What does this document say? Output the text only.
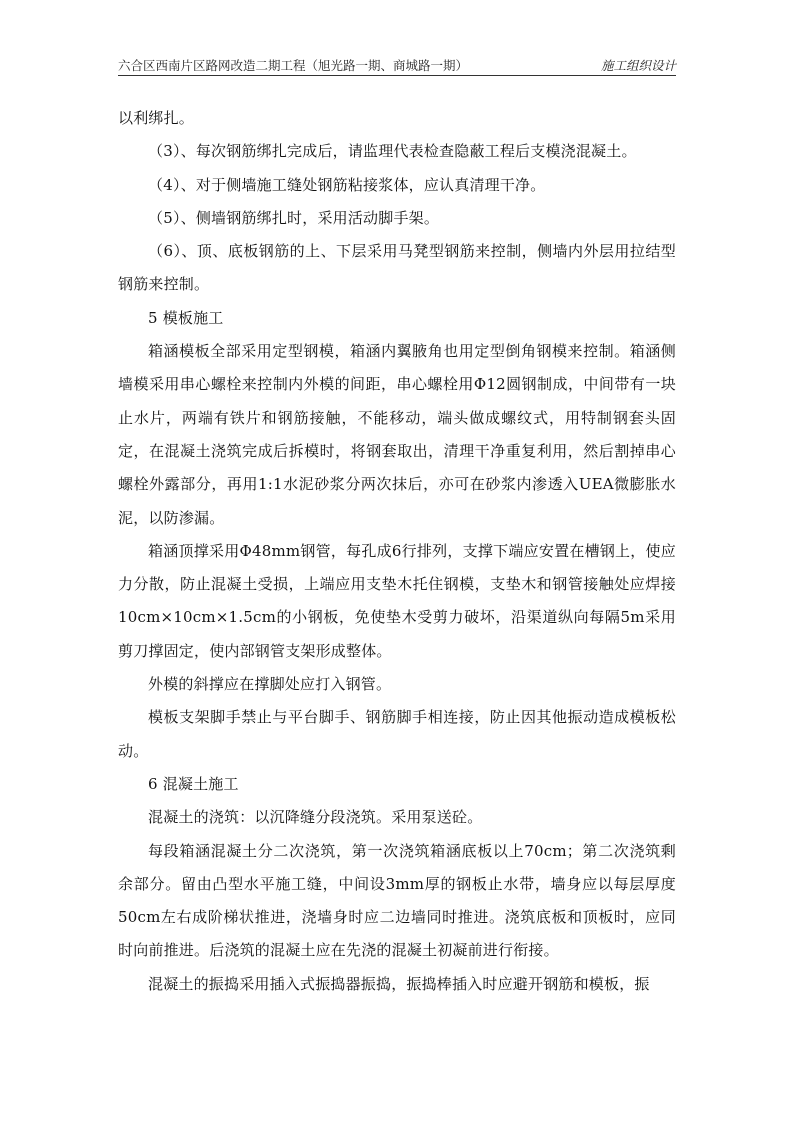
六合区西南片区路网改造二期工程（旭光路一期、商城路一期）	施工组织设计

以利绑扎。

（3）、每次钢筋绑扎完成后，请监理代表检查隐蔽工程后支模浇混凝土。

（4）、对于侧墙施工缝处钢筋粘接浆体，应认真清理干净。

（5）、侧墙钢筋绑扎时，采用活动脚手架。

（6）、顶、底板钢筋的上、下层采用马凳型钢筋来控制，侧墙内外层用拉结型钢筋来控制。

5 模板施工

箱涵模板全部采用定型钢模，箱涵内翼腋角也用定型倒角钢模来控制。箱涵侧墙模采用串心螺栓来控制内外模的间距，串心螺栓用Φ12圆钢制成，中间带有一块止水片，两端有铁片和钢筋接触，不能移动，端头做成螺纹式，用特制钢套头固定，在混凝土浇筑完成后拆模时，将钢套取出，清理干净重复利用，然后割掉串心螺栓外露部分，再用1:1水泥砂浆分两次抹后，亦可在砂浆内渗透入UEA微膨胀水泥，以防渗漏。

箱涵顶撑采用Φ48mm钢管，每孔成6行排列，支撑下端应安置在槽钢上，使应力分散，防止混凝土受损，上端应用支垫木托住钢模，支垫木和钢管接触处应焊接10cm×10cm×1.5cm的小钢板，免使垫木受剪力破坏，沿渠道纵向每隔5m采用剪刀撑固定，使内部钢管支架形成整体。

外模的斜撑应在撑脚处应打入钢管。

模板支架脚手禁止与平台脚手、钢筋脚手相连接，防止因其他振动造成模板松动。

6 混凝土施工

混凝土的浇筑：以沉降缝分段浇筑。采用泵送砼。

每段箱涵混凝土分二次浇筑，第一次浇筑箱涵底板以上70cm；第二次浇筑剩余部分。留由凸型水平施工缝，中间设3mm厚的钢板止水带，墙身应以每层厚度50cm左右成阶梯状推进，浇墙身时应二边墙同时推进。浇筑底板和顶板时，应同时向前推进。后浇筑的混凝土应在先浇的混凝土初凝前进行衔接。

混凝土的振捣采用插入式振捣器振捣，振捣棒插入时应避开钢筋和模板，振
